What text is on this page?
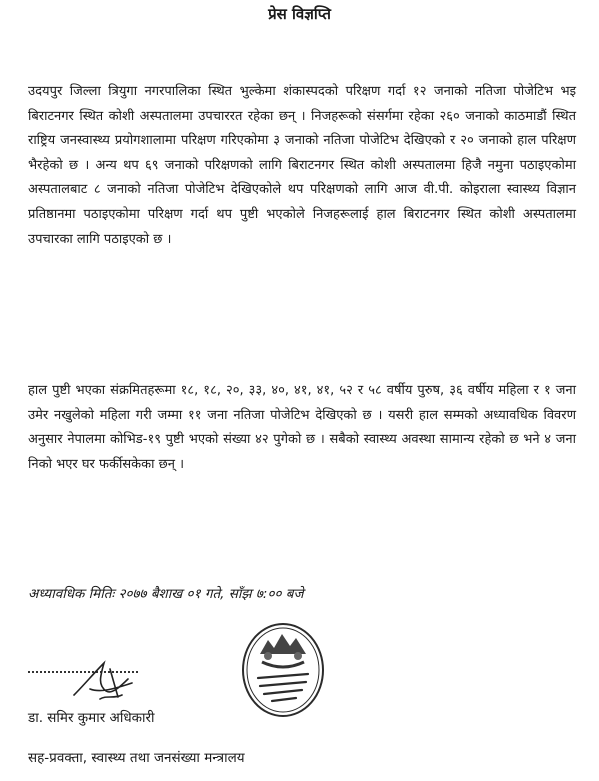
प्रेस विज्ञप्ति

उदयपुर जिल्ला त्रियुगा नगरपालिका स्थित भुल्केमा शंकास्पदको परिक्षण गर्दा १२ जनाको नतिजा पोजेटिभ भइ बिराटनगर स्थित कोशी अस्पतालमा उपचाररत रहेका छन् । निजहरूको संसर्गमा रहेका २६० जनाको काठमाडौं स्थित राष्ट्रिय जनस्वास्थ्य प्रयोगशालामा परिक्षण गरिएकोमा ३ जनाको नतिजा पोजेटिभ देखिएको र २० जनाको हाल परिक्षण भैरहेको छ । अन्य थप ६९ जनाको परिक्षणको लागि बिराटनगर स्थित कोशी अस्पतालमा हिजै नमुना पठाइएकोमा अस्पतालबाट ८ जनाको नतिजा पोजेटिभ देखिएकोले थप परिक्षणको लागि आज वी.पी. कोइराला स्वास्थ्य विज्ञान प्रतिष्ठानमा पठाइएकोमा परिक्षण गर्दा थप पुष्टी भएकोले निजहरूलाई हाल बिराटनगर स्थित कोशी अस्पतालमा उपचारका लागि पठाइएको छ ।

हाल पुष्टी भएका संक्रमितहरूमा १८, १८, २०, ३३, ४०, ४१, ४१, ५२ र ५८ वर्षीय पुरुष, ३६ वर्षीय महिला र १ जना उमेर नखुलेको महिला गरी जम्मा ११ जना नतिजा पोजेटिभ देखिएको छ । यसरी हाल सम्मको अध्यावधिक विवरण अनुसार नेपालमा कोभिड-१९ पुष्टी भएको संख्या ४२ पुगेको छ । सबैको स्वास्थ्य अवस्था सामान्य रहेको छ भने ४ जना निको भएर घर फर्कीसकेका छन् ।

अध्यावधिक मितिः २०७७ बैशाख ०१ गते, साँझ ७:०० बजे
डा. समिर कुमार अधिकारी
सह-प्रवक्ता, स्वास्थ्य तथा जनसंख्या मन्त्रालय
